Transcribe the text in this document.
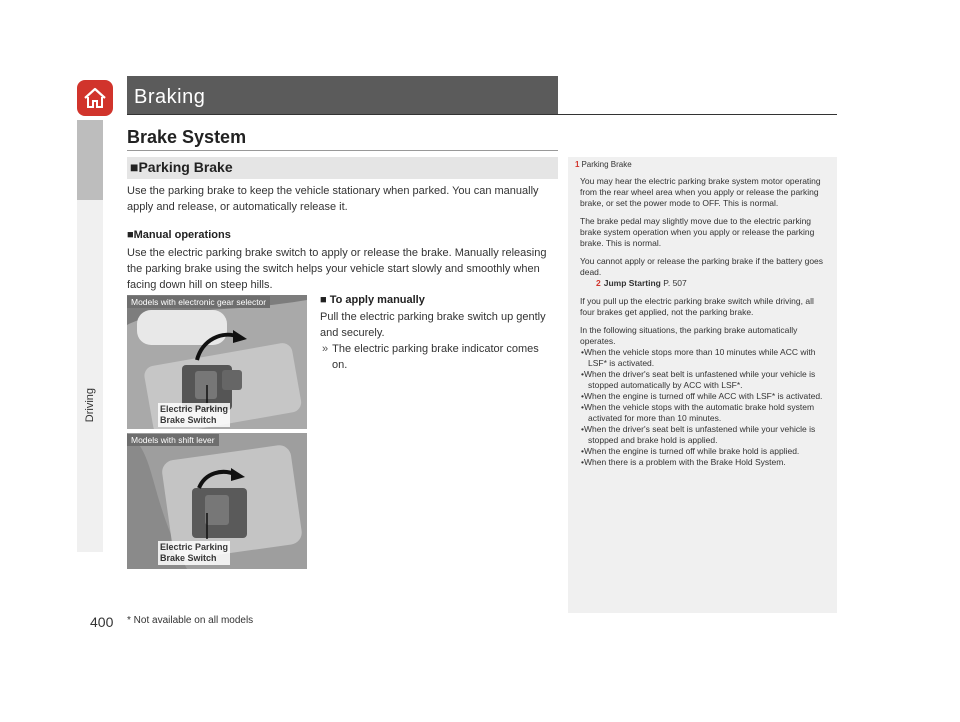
Driving
Braking
Brake System
■Parking Brake
Use the parking brake to keep the vehicle stationary when parked. You can manually apply and release, or automatically release it.
■Manual operations
Use the electric parking brake switch to apply or release the brake. Manually releasing the parking brake using the switch helps your vehicle start slowly and smoothly when facing down hill on steep hills.
■ To apply manually
Pull the electric parking brake switch up gently and securely.
» The electric parking brake indicator comes on.
Models with electronic gear selector
Electric Parking
Brake Switch
Models with shift lever
Electric Parking
Brake Switch
1 Parking Brake

You may hear the electric parking brake system motor operating from the rear wheel area when you apply or release the parking brake, or set the power mode to OFF. This is normal.

The brake pedal may slightly move due to the electric parking brake system operation when you apply or release the parking brake. This is normal.

You cannot apply or release the parking brake if the battery goes dead.

2 Jump Starting P. 507

If you pull up the electric parking brake switch while driving, all four brakes get applied, not the parking brake.

In the following situations, the parking brake automatically operates.

•When the vehicle stops more than 10 minutes while ACC with LSF* is activated.

•When the driver's seat belt is unfastened while your vehicle is stopped automatically by ACC with LSF*.

•When the engine is turned off while ACC with LSF* is activated.

•When the vehicle stops with the automatic brake hold system activated for more than 10 minutes.

•When the driver's seat belt is unfastened while your vehicle is stopped and brake hold is applied.

•When the engine is turned off while brake hold is applied.

•When there is a problem with the Brake Hold System.

400 * Not available on all models
